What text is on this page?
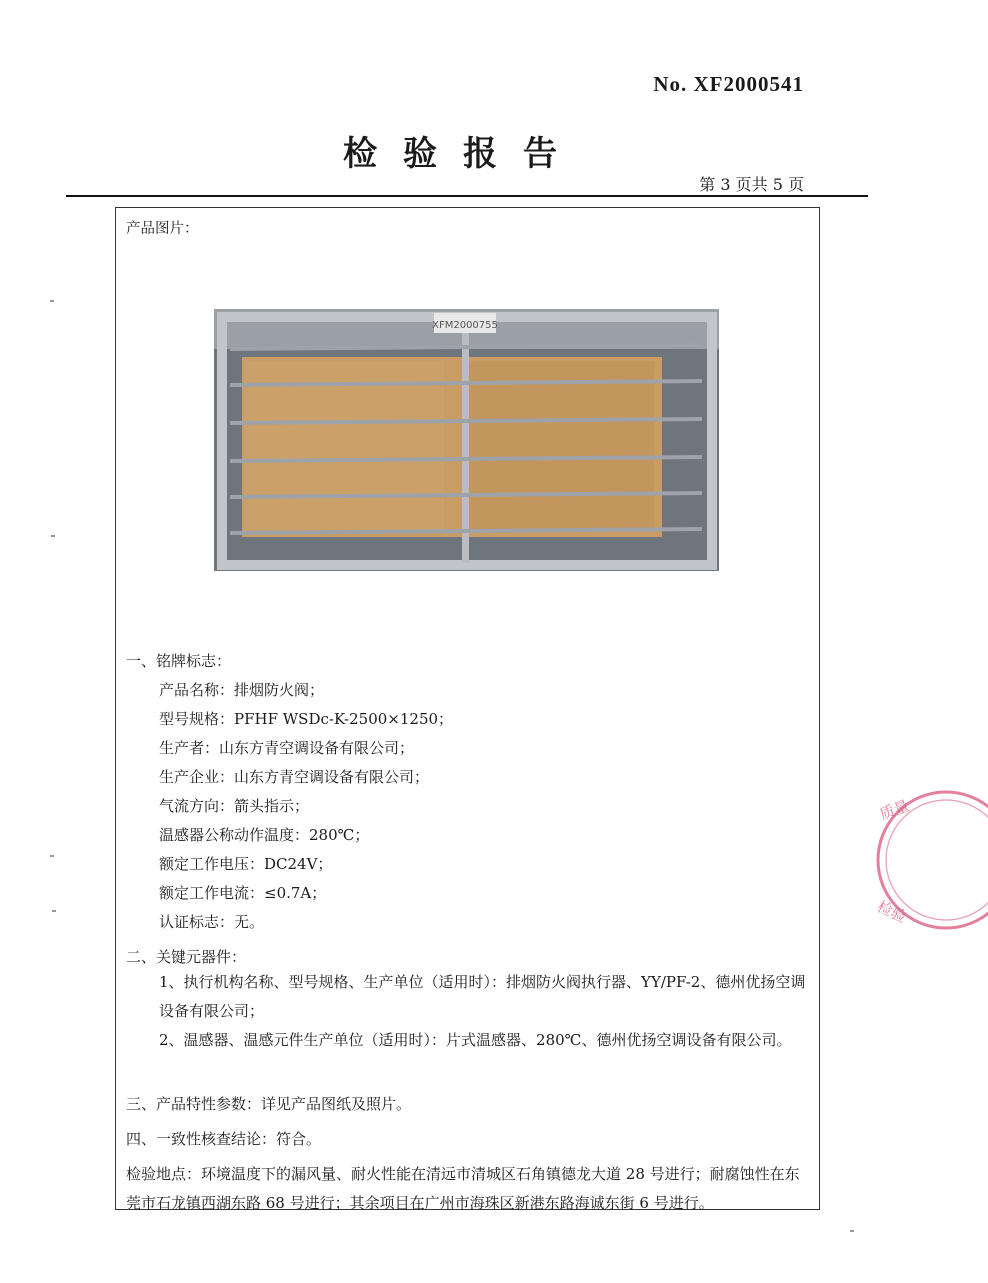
No. XF2000541
检验报告
第 3 页共 5 页
产品图片：
XFM2000755
一、铭牌标志：
产品名称：排烟防火阀；
型号规格：PFHF WSDc-K-2500×1250；
生产者：山东方青空调设备有限公司；
生产企业：山东方青空调设备有限公司；
气流方向：箭头指示；
温感器公称动作温度：280℃；
额定工作电压：DC24V；
额定工作电流：≤0.7A；
认证标志：无。
二、关键元器件：
1、执行机构名称、型号规格、生产单位（适用时）：排烟防火阀执行器、YY/PF-2、德州优扬空调设备有限公司；
2、温感器、温感元件生产单位（适用时）：片式温感器、280℃、德州优扬空调设备有限公司。
三、产品特性参数：详见产品图纸及照片。
四、一致性核查结论：符合。
检验地点：环境温度下的漏风量、耐火性能在清远市清城区石角镇德龙大道 28 号进行；耐腐蚀性在东莞市石龙镇西湖东路 68 号进行；其余项目在广州市海珠区新港东路海诚东街 6 号进行。
质量
检验
